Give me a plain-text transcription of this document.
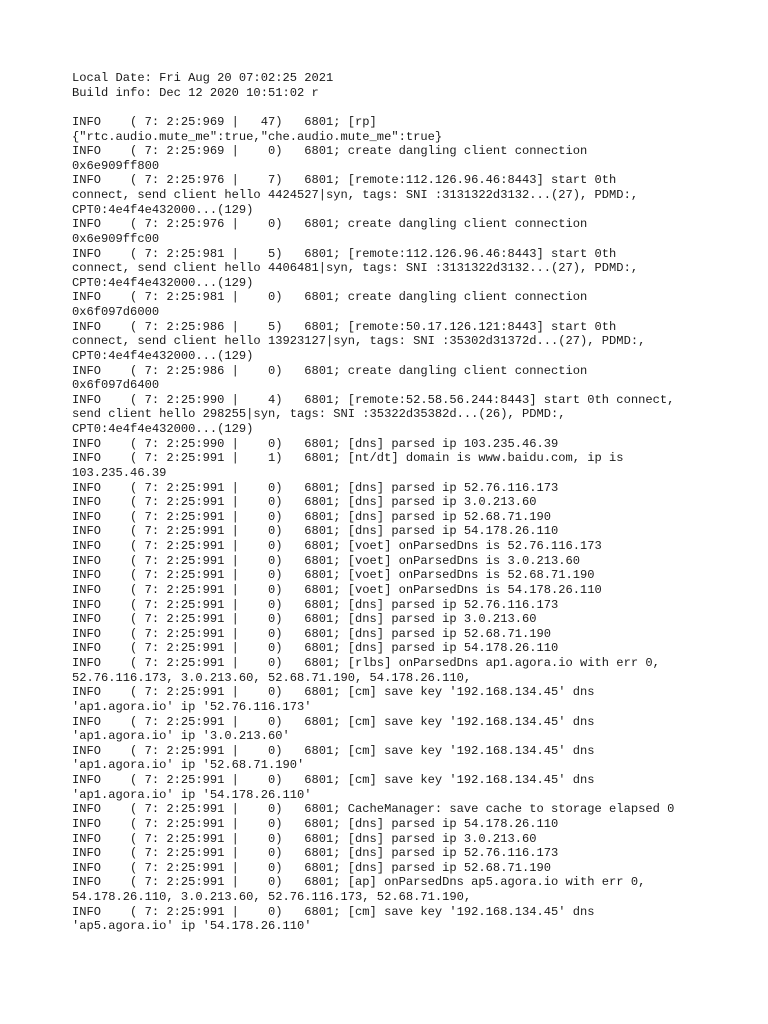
Local Date: Fri Aug 20 07:02:25 2021
Build info: Dec 12 2020 10:51:02 r
INFO    ( 7: 2:25:969 |   47)   6801; [rp]
{"rtc.audio.mute_me":true,"che.audio.mute_me":true}
INFO    ( 7: 2:25:969 |    0)   6801; create dangling client connection
0x6e909ff800
INFO    ( 7: 2:25:976 |    7)   6801; [remote:112.126.96.46:8443] start 0th
connect, send client hello 4424527|syn, tags: SNI :3131322d3132...(27), PDMD:,
CPT0:4e4f4e432000...(129)
INFO    ( 7: 2:25:976 |    0)   6801; create dangling client connection
0x6e909ffc00
INFO    ( 7: 2:25:981 |    5)   6801; [remote:112.126.96.46:8443] start 0th
connect, send client hello 4406481|syn, tags: SNI :3131322d3132...(27), PDMD:,
CPT0:4e4f4e432000...(129)
INFO    ( 7: 2:25:981 |    0)   6801; create dangling client connection
0x6f097d6000
INFO    ( 7: 2:25:986 |    5)   6801; [remote:50.17.126.121:8443] start 0th
connect, send client hello 13923127|syn, tags: SNI :35302d31372d...(27), PDMD:,
CPT0:4e4f4e432000...(129)
INFO    ( 7: 2:25:986 |    0)   6801; create dangling client connection
0x6f097d6400
INFO    ( 7: 2:25:990 |    4)   6801; [remote:52.58.56.244:8443] start 0th connect,
send client hello 298255|syn, tags: SNI :35322d35382d...(26), PDMD:,
CPT0:4e4f4e432000...(129)
INFO    ( 7: 2:25:990 |    0)   6801; [dns] parsed ip 103.235.46.39
INFO    ( 7: 2:25:991 |    1)   6801; [nt/dt] domain is www.baidu.com, ip is
103.235.46.39
INFO    ( 7: 2:25:991 |    0)   6801; [dns] parsed ip 52.76.116.173
INFO    ( 7: 2:25:991 |    0)   6801; [dns] parsed ip 3.0.213.60
INFO    ( 7: 2:25:991 |    0)   6801; [dns] parsed ip 52.68.71.190
INFO    ( 7: 2:25:991 |    0)   6801; [dns] parsed ip 54.178.26.110
INFO    ( 7: 2:25:991 |    0)   6801; [voet] onParsedDns is 52.76.116.173
INFO    ( 7: 2:25:991 |    0)   6801; [voet] onParsedDns is 3.0.213.60
INFO    ( 7: 2:25:991 |    0)   6801; [voet] onParsedDns is 52.68.71.190
INFO    ( 7: 2:25:991 |    0)   6801; [voet] onParsedDns is 54.178.26.110
INFO    ( 7: 2:25:991 |    0)   6801; [dns] parsed ip 52.76.116.173
INFO    ( 7: 2:25:991 |    0)   6801; [dns] parsed ip 3.0.213.60
INFO    ( 7: 2:25:991 |    0)   6801; [dns] parsed ip 52.68.71.190
INFO    ( 7: 2:25:991 |    0)   6801; [dns] parsed ip 54.178.26.110
INFO    ( 7: 2:25:991 |    0)   6801; [rlbs] onParsedDns ap1.agora.io with err 0,
52.76.116.173, 3.0.213.60, 52.68.71.190, 54.178.26.110,
INFO    ( 7: 2:25:991 |    0)   6801; [cm] save key '192.168.134.45' dns
'ap1.agora.io' ip '52.76.116.173'
INFO    ( 7: 2:25:991 |    0)   6801; [cm] save key '192.168.134.45' dns
'ap1.agora.io' ip '3.0.213.60'
INFO    ( 7: 2:25:991 |    0)   6801; [cm] save key '192.168.134.45' dns
'ap1.agora.io' ip '52.68.71.190'
INFO    ( 7: 2:25:991 |    0)   6801; [cm] save key '192.168.134.45' dns
'ap1.agora.io' ip '54.178.26.110'
INFO    ( 7: 2:25:991 |    0)   6801; CacheManager: save cache to storage elapsed 0
INFO    ( 7: 2:25:991 |    0)   6801; [dns] parsed ip 54.178.26.110
INFO    ( 7: 2:25:991 |    0)   6801; [dns] parsed ip 3.0.213.60
INFO    ( 7: 2:25:991 |    0)   6801; [dns] parsed ip 52.76.116.173
INFO    ( 7: 2:25:991 |    0)   6801; [dns] parsed ip 52.68.71.190
INFO    ( 7: 2:25:991 |    0)   6801; [ap] onParsedDns ap5.agora.io with err 0,
54.178.26.110, 3.0.213.60, 52.76.116.173, 52.68.71.190,
INFO    ( 7: 2:25:991 |    0)   6801; [cm] save key '192.168.134.45' dns
'ap5.agora.io' ip '54.178.26.110'
